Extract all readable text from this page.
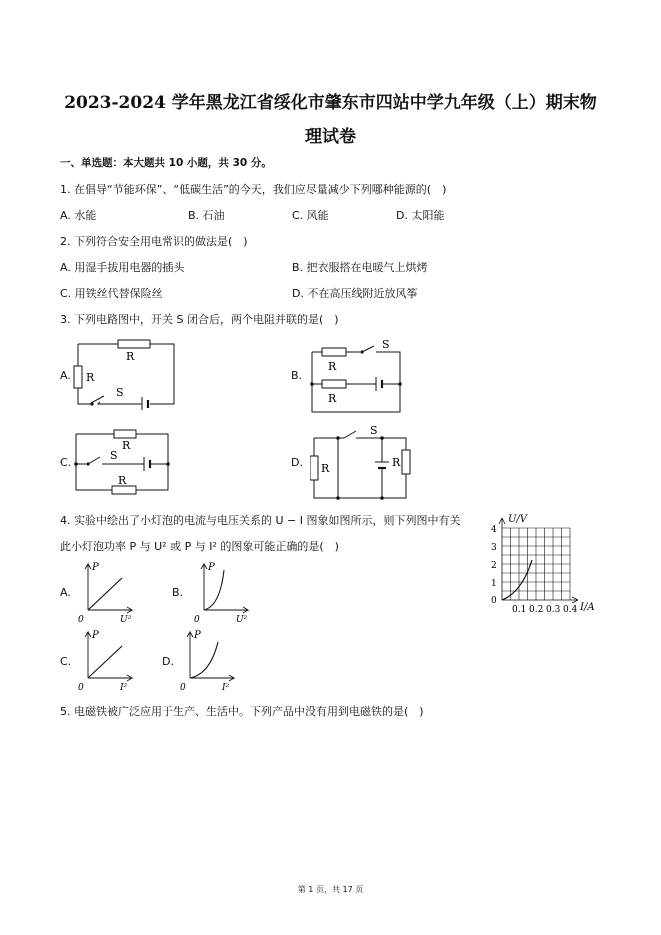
2023-2024 学年黑龙江省绥化市肇东市四站中学九年级（上）期末物
理试卷
一、单选题：本大题共 10 小题，共 30 分。
1. 在倡导“节能环保”、“低碳生活”的今天，我们应尽量减少下列哪种能源的(　)
A. 水能	B. 石油	C. 风能	D. 太阳能
2. 下列符合安全用电常识的做法是(　)
A. 用湿手拔用电器的插头	B. 把衣服搭在电暖气上烘烤
C. 用铁丝代替保险丝	D. 不在高压线附近放风筝
3. 下列电路图中，开关 S 闭合后，两个电阻并联的是(　)
A.	B.
C.	D.
R
R
S
S
R
R
R
S
R
S
R	R
4. 实验中绘出了小灯泡的电流与电压关系的 U − I 图象如图所示，则下列图中有关
此小灯泡功率 P 与 U² 或 P 与 I² 的图象可能正确的是(　)
U/V
I/A
4
3
2
1
0
0.1 0.2 0.3 0.4
A.	B.
C.	D.
P
0	U²
P
0	U²
P
0	I²
P
0	I²
5. 电磁铁被广泛应用于生产、生活中。下列产品中没有用到电磁铁的是(　)
第 1 页，共 17 页
